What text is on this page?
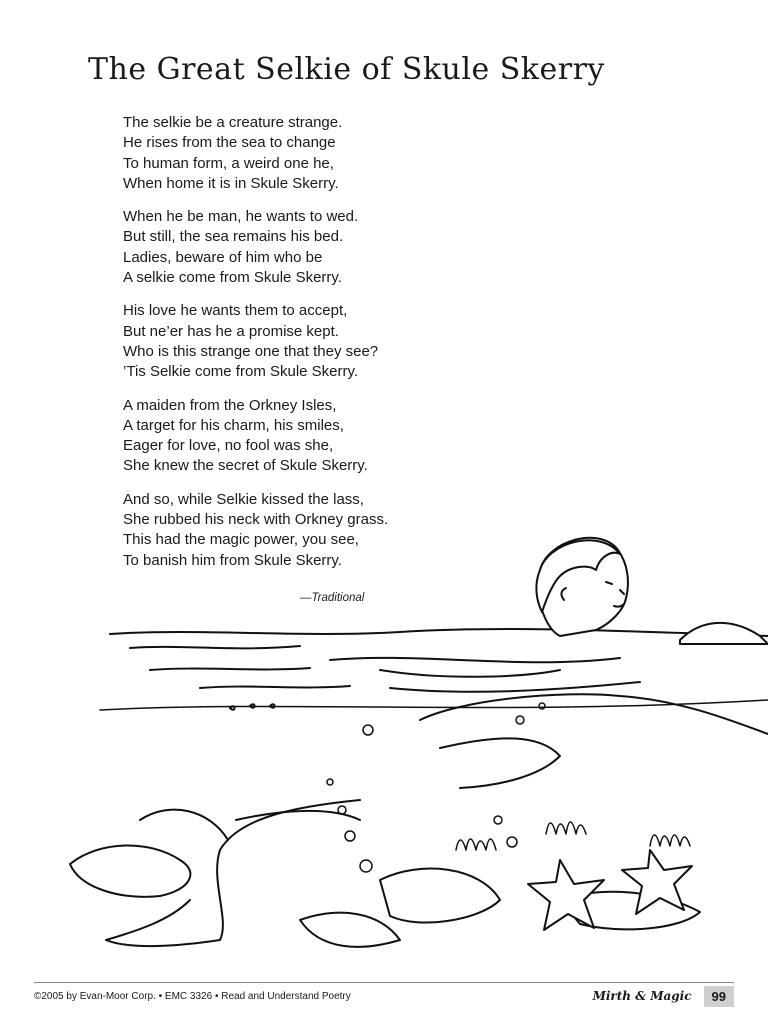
The Great Selkie of Skule Skerry
The selkie be a creature strange.
He rises from the sea to change
To human form, a weird one he,
When home it is in Skule Skerry.
When he be man, he wants to wed.
But still, the sea remains his bed.
Ladies, beware of him who be
A selkie come from Skule Skerry.
His love he wants them to accept,
But ne’er has he a promise kept.
Who is this strange one that they see?
’Tis Selkie come from Skule Skerry.
A maiden from the Orkney Isles,
A target for his charm, his smiles,
Eager for love, no fool was she,
She knew the secret of Skule Skerry.
And so, while Selkie kissed the lass,
She rubbed his neck with Orkney grass.
This had the magic power, you see,
To banish him from Skule Skerry.
—Traditional
©2005 by Evan-Moor Corp. • EMC 3326 • Read and Understand Poetry	Mirth & Magic	99
